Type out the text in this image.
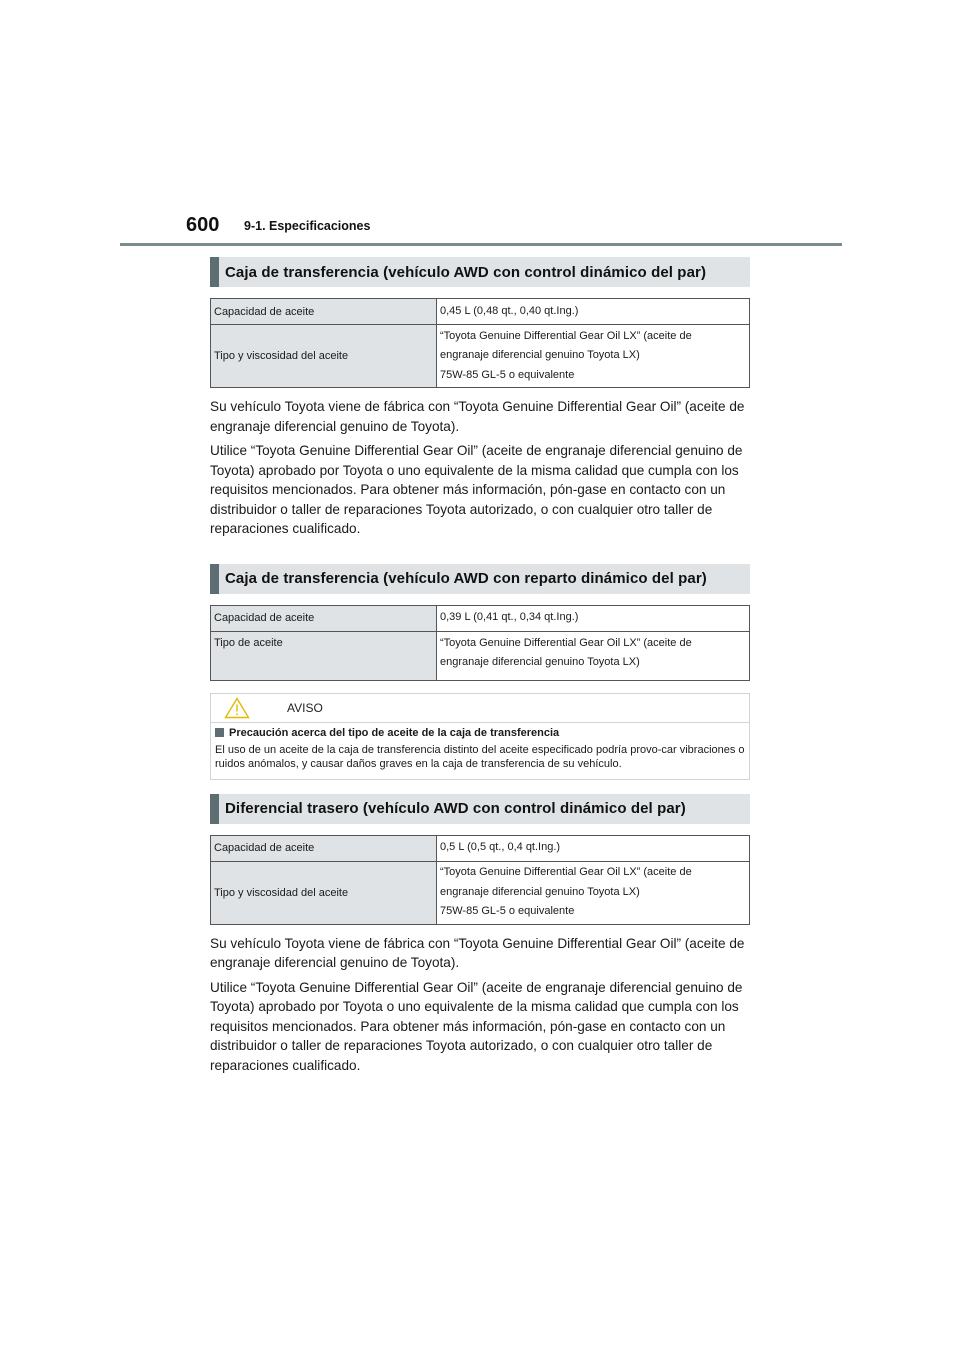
600 9-1. Especificaciones
Caja de transferencia (vehículo AWD con control dinámico del par)
Capacidad de aceite	0,45 L (0,48 qt., 0,40 qt.Ing.)

Tipo y viscosidad del aceite	“Toyota Genuine Differential Gear Oil LX” (aceite de
engranaje diferencial genuino Toyota LX)
75W-85 GL-5 o equivalente

Su vehículo Toyota viene de fábrica con “Toyota Genuine Differential Gear Oil” (aceite de engranaje diferencial genuino de Toyota).

Utilice “Toyota Genuine Differential Gear Oil” (aceite de engranaje diferencial genuino de Toyota) aprobado por Toyota o uno equivalente de la misma calidad que cumpla con los requisitos mencionados. Para obtener más información, pón-gase en contacto con un distribuidor o taller de reparaciones Toyota autorizado, o con cualquier otro taller de reparaciones cualificado.

Caja de transferencia (vehículo AWD con reparto dinámico del par)
Capacidad de aceite	0,39 L (0,41 qt., 0,34 qt.Ing.)

Tipo de aceite	“Toyota Genuine Differential Gear Oil LX” (aceite de
engranaje diferencial genuino Toyota LX)
AVISO
Precaución acerca del tipo de aceite de la caja de transferencia
El uso de un aceite de la caja de transferencia distinto del aceite especificado podría provo-car vibraciones o ruidos anómalos, y causar daños graves en la caja de transferencia de su vehículo.
Diferencial trasero (vehículo AWD con control dinámico del par)
Capacidad de aceite	0,5 L (0,5 qt., 0,4 qt.Ing.)

Tipo y viscosidad del aceite	“Toyota Genuine Differential Gear Oil LX” (aceite de
engranaje diferencial genuino Toyota LX)
75W-85 GL-5 o equivalente

Su vehículo Toyota viene de fábrica con “Toyota Genuine Differential Gear Oil” (aceite de engranaje diferencial genuino de Toyota).

Utilice “Toyota Genuine Differential Gear Oil” (aceite de engranaje diferencial genuino de Toyota) aprobado por Toyota o uno equivalente de la misma calidad que cumpla con los requisitos mencionados. Para obtener más información, pón-gase en contacto con un distribuidor o taller de reparaciones Toyota autorizado, o con cualquier otro taller de reparaciones cualificado.
